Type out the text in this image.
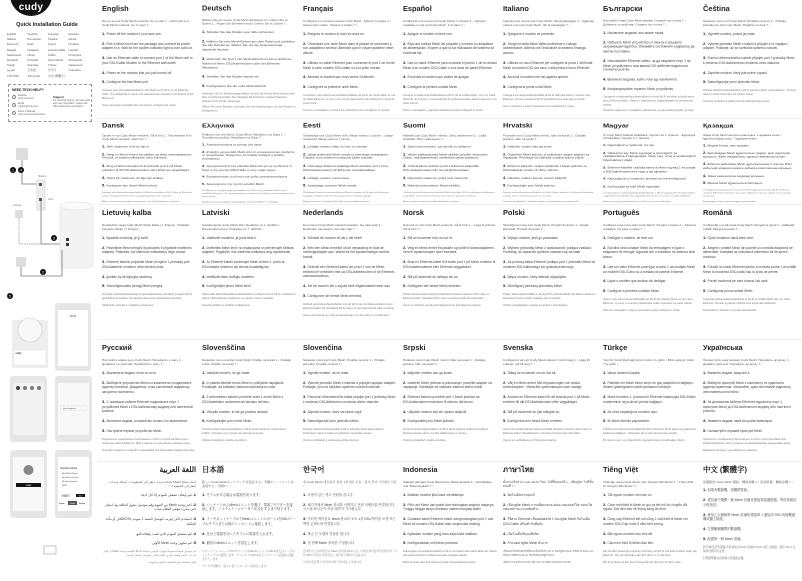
cudy
Quick Installation Guide
English	Deutsch	Français	Español
Italiano	Български	Čeština	Dansk
Ελληνικά	Eesti	Suomi	Hrvatski
Magyar	Қазақша	Lietuvių kalba	Latviski
Nederlands	Norsk	Polski	Português
Română	Русский	Slovenščina	Slovenčina
Srpski	Svenska	Türkçe	Українська
العربية	日本語	한국어	Indonesia
ภาษาไทย	Tiếng Việt	中文 (繁體字)
NEED TECH HELP?
Website
www.cudy.com
Email
support@cudy.com
Driver & Manual
www.cudy.com/download
Support
For technical support, the user guide and more information, please visit https://www.cudy.com/support
1 4
Modem
LAN
Internet
3
2
5
cudy
Wi-Fi
http://cudy.net/
Login
Operation Mode
Mesh Wi-Fi Router
Mesh Access Point
Wireless Extender
WISP
Back	Next
System	Wizard Settings
English

Set up a new Cudy Mesh network: Go to step 1 ↓ Add units to a Cudy Mesh network: Go to step 7 ↓

1. Power off the modem if you have one.
2. Pick a Mesh unit from the package and connect its power adapter to it. Wait for the system indicator light to turn solid on.
3. Use an Ethernet cable to connect port 1 of the Mesh unit to your DSL/Cable Modem or the Ethernet wall outlet.
4. Power on the modem that you just turned off.
5. Configure the first Mesh unit.

Connect your phone/laptop/tablet to the Mesh unit's Wi-Fi or an Ethernet cable. The default Wi-Fi name and password are printed on the bottom of the Mesh unit.

Open a browser and follow the prompts to configure the router.

Deutsch

Richten Sie ein neues Cudy-Mesh-Netzwerk ein: Gehen Sie zu Schritt 1 ↓ Fügen Sie Einheiten hinzu: Gehen Sie zu Schritt 7 ↓

1. Schalten Sie das Modem aus, falls vorhanden.
2. Wählen Sie eine Mesh-Einheit aus dem Paket und schließen Sie das Netzteil an. Warten Sie, bis die Systemanzeige dauerhaft leuchtet.
3. Verbinden Sie Port 1 der Mesh-Einheit mit einem Ethernet-Kabel mit Ihrem DSL/Kabelmodem oder der Ethernet-Wanddose.
4. Schalten Sie das Modem wieder ein.
5. Konfigurieren Sie die erste Mesh-Einheit.

Verbinden Sie Ihr Telefon/Laptop/Tablet mit dem WLAN der Mesh-Einheit oder über ein Ethernet-Kabel. Der Standard-WLAN-Name und das Passwort befinden sich auf der Unterseite.

Öffnen Sie einen Browser und folgen Sie den Anweisungen, um den Router zu konfigurieren.

Français

Configurer un nouveau réseau Cudy Mesh : Passez à l'étape 1 ↓ Ajouter des unités : Passez à l'étape 7 ↓

1. Éteignez le modem si vous en avez un.
2. Choisissez une unité Mesh dans le paquet et connectez-y son adaptateur secteur. Attendez que le voyant système reste allumé.
3. Utilisez un câble Ethernet pour connecter le port 1 de l'unité Mesh à votre modem DSL/câble ou à la prise murale.
4. Allumez le modem que vous venez d'éteindre.
5. Configurez la première unité Mesh.

Connectez votre téléphone/ordinateur/tablette au Wi-Fi de l'unité Mesh ou via un câble Ethernet. Le nom et le mot de passe Wi-Fi par défaut sont imprimés sous l'unité.

Ouvrez un navigateur et suivez les instructions pour configurer le routeur.

Español

Configurar una nueva red Cudy Mesh: Ir al paso 1 ↓ Agregar unidades a una red Cudy Mesh: Ir al paso 7 ↓

1. Apague el módem si tiene uno.
2. Elija una unidad Mesh del paquete y conecte su adaptador de alimentación. Espere a que la luz indicadora del sistema se encienda fija.
3. Use un cable Ethernet para conectar el puerto 1 de la unidad Mesh a su módem DSL/Cable o a la toma de pared Ethernet.
4. Encienda el módem que acaba de apagar.
5. Configure la primera unidad Mesh.

Conecte su teléfono/portátil/tableta al Wi-Fi de la unidad Mesh o con un cable Ethernet. El nombre y contraseña Wi-Fi predeterminados están impresos en la parte inferior.

Abra un navegador y siga las indicaciones para configurar el router.

Italiano

Imposta una nuova rete Cudy Mesh: Vai al passaggio 1 ↓ Aggiungi unità a una rete Cudy Mesh: Vai al passaggio 7 ↓

1. Spegnere il modem se presente.
2. Scegli un'unità Mesh dalla confezione e collega l'alimentatore. Attendi che l'indicatore di sistema rimanga acceso.
3. Utilizza un cavo Ethernet per collegare la porta 1 dell'unità Mesh al modem DSL/via cavo o alla presa a muro Ethernet.
4. Accendi il modem che hai appena spento.
5. Configura la prima unità Mesh.

Collega il tuo telefono/laptop/tablet al Wi-Fi dell'unità Mesh o tramite cavo Ethernet. Nome e password Wi-Fi predefiniti sono stampati sul fondo.

Apri un browser e segui le istruzioni per configurare il router.

Български

Настройте нова Cudy Mesh мрежа: Отидете на стъпка 1 ↓ Добавете устройства: Отидете на стъпка 7 ↓

1. Изключете модема, ако имате такъв.
2. Изберете Mesh устройство от пакета и свържете захранващия адаптер. Изчакайте системният индикатор да светне постоянно.
3. Използвайте Ethernet кабел, за да свържете порт 1 на Mesh устройството към вашия DSL/кабелен модем или стенната розетка.
4. Включете модема, който току-що изключихте.
5. Конфигурирайте първото Mesh устройство.

Свържете телефона/лаптопа/таблета си към Wi-Fi на Mesh устройството или с Ethernet кабел. Името и паролата по подразбиране са отпечатани отдолу.

Отворете браузър и следвайте указанията, за да конфигурирате рутера.

Čeština

Nastavte novou síť Cudy Mesh: Přejděte na krok 1 ↓ Přidejte jednotky do sítě Cudy Mesh: Přejděte na krok 7 ↓

1. Vypněte modem, pokud jej máte.
2. Vyberte jednotku Mesh z balení a připojte k ní napájecí adaptér. Počkejte, až se kontrolka systému rozsvítí.
3. Pomocí ethernetového kabelu připojte port 1 jednotky Mesh k modemu DSL/kabelovému modemu nebo zásuvce.
4. Zapněte modem, který jste právě vypnuli.
5. Nakonfigurujte první jednotku Mesh.

Připojte telefon/notebook/tablet k Wi-Fi jednotky Mesh nebo kabelem. Výchozí název a heslo Wi-Fi jsou na spodní straně.

Otevřete prohlížeč a podle pokynů nakonfigurujte router.

Dansk

Opsæt et nyt Cudy Mesh-netværk: Gå til trin 1 ↓ Føj enheder til et Cudy Mesh-netværk: Gå til trin 7 ↓

1. Sluk modemet, hvis du har et.
2. Vælg en Mesh-enhed fra pakken og tilslut strømadapteren. Vent på, at systemindikatoren lyser konstant.
3. Brug et Ethernet-kabel til at forbinde port 1 på Mesh-enheden til dit DSL/kabelmodem eller Ethernet-vægudtaget.
4. Tænd for modemet, du lige har slukket.
5. Konfigurer den første Mesh-enhed.

Forbind din telefon/bærbare/tablet til Mesh-enhedens Wi-Fi eller et Ethernet-kabel. Standard Wi-Fi-navn og adgangskode står i bunden.

Åbn en browser og følg anvisningerne for at konfigurere routeren.

Ελληνικά

Ρυθμίστε ένα νέο δίκτυο Cudy Mesh: Μεταβείτε στο βήμα 1 ↓ Προσθέστε μονάδες: Μεταβείτε στο βήμα 7 ↓

1. Απενεργοποιήστε το μόντεμ εάν έχετε.
2. Επιλέξτε μια μονάδα Mesh από τη συσκευασία και συνδέστε το τροφοδοτικό. Περιμένετε να ανάψει σταθερά η ένδειξη συστήματος.
3. Χρησιμοποιήστε ένα καλώδιο Ethernet για να συνδέσετε τη θύρα 1 στο μόντεμ DSL/Cable ή στην πρίζα τοίχου.
4. Ενεργοποιήστε το μόντεμ που μόλις απενεργοποιήσατε.
5. Διαμορφώστε την πρώτη μονάδα Mesh.

Συνδέστε το τηλέφωνο/φορητό/tablet στο Wi-Fi της μονάδας Mesh ή με καλώδιο Ethernet. Το προεπιλεγμένο όνομα και ο κωδικός είναι τυπωμένα στο κάτω μέρος.

Ανοίξτε ένα πρόγραμμα περιήγησης και ακολουθήστε τις οδηγίες.

Eesti

Seadistage uus Cudy Mesh võrk: Minge sammu 1 juurde ↓ Lisage seadmeid: Minge sammu 7 juurde ↓

1. Lülitage modem välja, kui see on olemas.
2. Valige pakendist Mesh-seade ja ühendage toiteadapter. Oodake, kuni süsteemi märgutuli põleb püsivalt.
3. Ühendage Ethernet-kaabliga Mesh-seadme port 1 oma DSL/kaabelmodemi või Etherneti seinakontaktiga.
4. Lülitage modem uuesti sisse.
5. Seadistage esimene Mesh-seade.

Ühendage telefon/sülearvuti/tahvel Mesh-seadme Wi-Fi-ga või Ethernet-kaabliga. Vaikimisi Wi-Fi nimi ja parool on seadme põhjal.

Avage brauser ja järgige juhiseid ruuteri seadistamiseks.

Suomi

Määritä uusi Cudy Mesh -verkko: Siirry vaiheeseen 1 ↓ Lisää yksiköitä: Siirry vaiheeseen 7 ↓

1. Sammuta modeemi, jos sinulla on sellainen.
2. Valitse pakkauksesta Mesh-yksikkö ja kytke virtasovitin. Odota, että järjestelmän merkkivalo palaa tasaisesti.
3. Yhdistä Mesh-yksikön portti 1 Ethernet-kaapelilla DSL-/kaapelimodeemiin tai seinäpistorasiaan.
4. Käynnistä modeemi, jonka juuri sammutit.
5. Määritä ensimmäinen Mesh-yksikkö.

Yhdistä puhelin/kannettava/tabletti Mesh-yksikön Wi-Fi-verkkoon tai Ethernet-kaapelilla. Oletusverkon nimi ja salasana on painettu pohjaan.

Avaa selain ja määritä reititin ohjeiden mukaan.

Hrvatski

Postavite novu Cudy Mesh mrežu: Idite na korak 1 ↓ Dodajte jedinice: Idite na korak 7 ↓

1. Isključite modem ako ga imate.
2. Odaberite Mesh jedinicu iz pakiranja i spojite adapter za napajanje. Pričekajte da indikator sustava stalno svijetli.
3. Ethernet kabelom spojite priključak 1 Mesh jedinice na DSL/kabelski modem ili zidnu utičnicu.
4. Uključite modem koji ste upravo isključili.
5. Konfigurirajte prvu Mesh jedinicu.

Spojite telefon/prijenosnik/tablet na Wi-Fi Mesh jedinice ili Ethernet kabelom. Zadani naziv i lozinka ispisani su na dnu.

Otvorite preglednik i slijedite upute za konfiguraciju usmjerivača.

Magyar

Új Cudy Mesh hálózat beállítása: Ugorjon az 1. lépésre ↓ Egységek hozzáadása: Ugorjon a 7. lépésre ↓

1. Kapcsolja ki a modemet, ha van.
2. Válasszon egy Mesh egységet a csomagból, és csatlakoztassa a tápegységet. Várja meg, amíg a rendszerjelző folyamatosan világít.
3. Ethernet-kábellel csatlakoztassa a Mesh egység 1-es portját a DSL/kábelmodemhez vagy a fali aljzathoz.
4. Kapcsolja be a modemet, amelyet az imént kikapcsolt.
5. Konfigurálja az első Mesh egységet.

Csatlakoztassa telefonját/laptopját/tabletjét a Mesh egység Wi-Fi hálózatához vagy Ethernet-kábellel. Az alapértelmezett név és jelszó az alján található.

Nyisson meg egy böngészőt, és kövesse az utasításokat.

Қазақша

Жаңа Cudy Mesh желісін орнатыңыз: 1-қадамға өтіңіз ↓ Құрылғыларды қосу: 7-қадамға өтіңіз ↓

1. Модем болса, оны өшіріңіз.
2. Қаптамадан Mesh құрылғысын таңдап, қуат адаптерін қосыңыз. Жүйе индикаторы тұрақты жанғанша күтіңіз.
3. Ethernet кабелімен Mesh құрылғысының 1-портын DSL/кабельдік модемге немесе қабырға розеткасына қосыңыз.
4. Жаңа ғана өшірген модемді қосыңыз.
5. Бірінші Mesh құрылғысын баптаңыз.

Телефонды/ноутбукты/планшетті Mesh құрылғысының Wi-Fi желісіне немесе Ethernet кабеліне қосыңыз. Әдепкі атау мен құпия сөз астында басылған.

Браузерді ашып, нұсқауларды орындаңыз.

Lietuvių kalba

Nustatykite naują Cudy Mesh tinklą: Eikite į 1 žingsnį ↓ Pridėkite įrenginių: Eikite į 7 žingsnį ↓

1. Išjunkite modemą, jei jį turite.
2. Pasirinkite Mesh įrenginį iš pakuotės ir prijunkite maitinimo adapterį. Palaukite, kol sistemos indikatorius degs nuolat.
3. Ethernet kabeliu prijunkite Mesh įrenginio 1 prievadą prie DSL/kabelinio modemo arba sieninio lizdo.
4. Įjunkite ką tik išjungtą modemą.
5. Sukonfigūruokite pirmąjį Mesh įrenginį.

Prijunkite telefoną/nešiojamąjį kompiuterį/planšetę prie Mesh įrenginio Wi-Fi arba Ethernet kabeliu. Numatytieji duomenys atspausdinti apačioje.

Atidarykite naršyklę ir vykdykite nurodymus.

Latviski

Iestatiet jaunu Cudy Mesh tīklu: Dodieties uz 1. darbību ↓ Pievienojiet ierīces: Dodieties uz 7. darbību ↓

1. Izslēdziet modemu, ja jums tāds ir.
2. Izvēlieties Mesh ierīci no iepakojuma un pievienojiet strāvas adapteri. Pagaidiet, līdz sistēmas indikators deg nepārtraukti.
3. Ar Ethernet kabeli savienojiet Mesh ierīces 1. portu ar DSL/kabeļa modemu vai sienas kontaktligzdu.
4. Ieslēdziet tikko izslēgto modemu.
5. Konfigurējiet pirmo Mesh ierīci.

Savienojiet tālruni/klēpjdatoru/planšetdatoru ar Mesh ierīces Wi-Fi vai Ethernet kabeli. Noklusējuma nosaukums un parole ir ierīces apakšā.

Atveriet pārlūku un izpildiet norādījumus.

Nederlands

Een nieuw Cudy Mesh-netwerk instellen: Ga naar stap 1 ↓ Eenheden toevoegen: Ga naar stap 7 ↓

1. Schakel de modem uit als u die heeft.
2. Kies een Mesh-eenheid uit de verpakking en sluit de voedingsadapter aan. Wacht tot het systeemlampje continu brandt.
3. Gebruik een Ethernet-kabel om poort 1 van de Mesh-eenheid te verbinden met uw DSL/kabelmodem of de Ethernet-wandcontactdoos.
4. Zet de modem die u zojuist hebt uitgeschakeld weer aan.
5. Configureer de eerste Mesh-eenheid.

Verbind uw telefoon/laptop/tablet met de Wi-Fi van de Mesh-eenheid of een Ethernet-kabel. De standaard Wi-Fi-naam en het wachtwoord staan onderop.

Open een browser en volg de aanwijzingen om de router te configureren.

Norsk

Sett opp et nytt Cudy Mesh-nettverk: Gå til trinn 1 ↓ Legg til enheter: Gå til trinn 7 ↓

1. Slå av modemet hvis du har et.
2. Velg en Mesh-enhet fra pakken og koble til strømadapteren. Vent til systemlampen lyser konstant.
3. Bruk en Ethernet-kabel til å koble port 1 på Mesh-enheten til DSL/kabelmodemet eller Ethernet-vegguttaket.
4. Slå på modemet du nettopp slo av.
5. Konfigurer den første Mesh-enheten.

Koble telefonen/den bærbare/nettbrettet til Mesh-enhetens Wi-Fi eller en Ethernet-kabel. Standard Wi-Fi-navn og passord står på undersiden.

Åpne en nettleser og følg instruksjonene for å konfigurere ruteren.

Polski

Skonfiguruj nową sieć Cudy Mesh: Przejdź do kroku 1 ↓ Dodaj jednostki: Przejdź do kroku 7 ↓

1. Wyłącz modem, jeśli go posiadasz.
2. Wybierz jednostkę Mesh z opakowania i podłącz zasilacz. Poczekaj, aż wskaźnik systemu zaświeci się na stałe.
3. Za pomocą kabla Ethernet podłącz port 1 jednostki Mesh do modemu DSL/kablowego lub gniazda ściennego.
4. Włącz modem, który właśnie wyłączyłeś.
5. Skonfiguruj pierwszą jednostkę Mesh.

Połącz telefon/laptop/tablet z siecią Wi-Fi jednostki Mesh lub kablem Ethernet. Domyślna nazwa i hasło znajdują się na spodzie.

Otwórz przeglądarkę i postępuj zgodnie z instrukcjami.

Português

Configure uma nova rede Cudy Mesh: Vá para o passo 1 ↓ Adicione unidades: Vá para o passo 7 ↓

1. Desligue o modem, se tiver um.
2. Escolha uma unidade Mesh da embalagem e ligue o adaptador de energia. Aguarde até o indicador do sistema ficar aceso.
3. Use um cabo Ethernet para ligar a porta 1 da unidade Mesh ao modem DSL/Cabo ou à tomada de parede Ethernet.
4. Ligue o modem que acabou de desligar.
5. Configure a primeira unidade Mesh.

Ligue o seu telemóvel/portátil/tablet ao Wi-Fi da unidade Mesh ou por cabo Ethernet. O nome e a senha predefinidos estão impressos na parte inferior.

Abra um navegador e siga as instruções para configurar o router.

Română

Configurați o nouă rețea Cudy Mesh: Mergeți la pasul 1 ↓ Adăugați unități: Mergeți la pasul 7 ↓

1. Opriți modemul dacă aveți unul.
2. Alegeți o unitate Mesh din pachet și conectați adaptorul de alimentare. Așteptați ca indicatorul sistemului să fie aprins continuu.
3. Folosiți un cablu Ethernet pentru a conecta portul 1 al unității Mesh la modemul DSL/cablu sau la priza de perete.
4. Porniți modemul pe care tocmai l-ați oprit.
5. Configurați prima unitate Mesh.

Conectați telefonul/laptopul/tableta la Wi-Fi-ul unității Mesh sau prin cablu Ethernet. Numele și parola implicite sunt imprimate dedesubt.

Deschideți un browser și urmați instrucțiunile.

Русский

Настройте новую сеть Cudy Mesh: Перейдите к шагу 1 ↓ Добавьте устройства: Перейдите к шагу 7 ↓

1. Выключите модем, если он есть.
2. Выберите устройство Mesh из комплекта и подключите адаптер питания. Дождитесь, пока системный индикатор загорится постоянно.
3. С помощью кабеля Ethernet подключите порт 1 устройства Mesh к DSL/кабельному модему или настенной розетке.
4. Включите модем, который вы только что выключили.
5. Настройте первое устройство Mesh.

Подключите телефон/ноутбук/планшет к Wi-Fi устройства Mesh или с помощью кабеля Ethernet. Имя и пароль по умолчанию указаны снизу.

Откройте браузер и следуйте подсказкам для настройки маршрутизатора.

Slovenščina

Nastavite novo omrežje Cudy Mesh: Pojdite na korak 1 ↓ Dodajte enote: Pojdite na korak 7 ↓

1. Izklopite modem, če ga imate.
2. Iz paketa izberite enoto Mesh in priključite napajalnik. Počakajte, da indikator sistema neprekinjeno sveti.
3. Z ethernetnim kablom povežite vrata 1 enote Mesh z DSL/kabelskim modemom ali stensko vtičnico.
4. Vklopite modem, ki ste ga pravkar izklopili.
5. Konfigurirajte prvo enoto Mesh.

Povežite telefon/prenosnik/tablico z Wi-Fi enote Mesh ali z ethernetnim kablom. Privzeto ime in geslo sta natisnjena na dnu.

Odprite brskalnik in sledite navodilom.

Slovenčina

Nastavte novú sieť Cudy Mesh: Prejdite na krok 1 ↓ Pridajte jednotky: Prejdite na krok 7 ↓

1. Vypnite modem, ak ho máte.
2. Vyberte jednotku Mesh z balenia a pripojte napájací adaptér. Počkajte, kým sa indikátor systému rozsvieti natrvalo.
3. Pomocou ethernetového kábla pripojte port 1 jednotky Mesh k modemu DSL/káblovému modemu alebo zásuvke.
4. Zapnite modem, ktorý ste práve vypli.
5. Nakonfigurujte prvú jednotku Mesh.

Pripojte telefón/notebook/tablet k Wi-Fi jednotky Mesh alebo káblom. Predvolený názov a heslo sú vytlačené na spodnej strane.

Otvorte prehliadač a postupujte podľa pokynov.

Srpski

Podesite novu Cudy Mesh mrežu: Idite na korak 1 ↓ Dodajte jedinice: Idite na korak 7 ↓

1. Isključite modem ako ga imate.
2. Izaberite Mesh jedinicu iz pakovanja i povežite adapter za napajanje. Sačekajte da indikator sistema stalno svetli.
3. Ethernet kablom povežite port 1 Mesh jedinice sa DSL/kablovskim modemom ili zidnom utičnicom.
4. Uključite modem koji ste upravo isključili.
5. Konfigurišite prvu Mesh jedinicu.

Povežite telefon/laptop/tablet na Wi-Fi Mesh jedinice ili Ethernet kablom. Podrazumevani naziv i lozinka odštampani su na dnu.

Otvorite pregledač i pratite uputstva.

Svenska

Konfigurera ett nytt Cudy Mesh-nätverk: Gå till steg 1 ↓ Lägg till enheter: Gå till steg 7 ↓

1. Stäng av modemet om du har ett.
2. Välj en Mesh-enhet från förpackningen och anslut strömadaptern. Vänta tills systemlampan lyser stadigt.
3. Använd en Ethernet-kabel för att ansluta port 1 på Mesh-enheten till ditt DSL/kabelmodem eller vägguttaget.
4. Slå på modemet du just stängde av.
5. Konfigurera den första Mesh-enheten.

Anslut din telefon/bärbara dator/surfplatta till Mesh-enhetens Wi-Fi eller en Ethernet-kabel. Standardnamn och lösenord finns på undersidan.

Öppna en webbläsare och följ anvisningarna.

Türkçe

Yeni bir Cudy Mesh ağı kurun: Adım 1'e gidin ↓ Birim ekleyin: Adım 7'ye gidin ↓

1. Varsa modemi kapatın.
2. Paketten bir Mesh birimi seçin ve güç adaptörünü bağlayın. Sistem göstergesinin sabit yanmasını bekleyin.
3. Mesh biriminin 1. portunu bir Ethernet kablosuyla DSL/Kablo modeminize veya duvar prizine bağlayın.
4. Az önce kapattığınız modemi açın.
5. İlk Mesh birimini yapılandırın.

Telefonunuzu/dizüstünüzü/tabletinizi Mesh biriminin Wi-Fi ağına veya Ethernet kablosuna bağlayın. Varsayılan ad ve şifre alt kısımda yazılıdır.

Bir tarayıcı açın ve yönlendiriciyi yapılandırmak için talimatları izleyin.

Українська

Налаштуйте нову мережу Cudy Mesh: Перейдіть до кроку 1 ↓ Додайте пристрої: Перейдіть до кроку 7 ↓

1. Вимкніть модем, якщо він є.
2. Виберіть пристрій Mesh з комплекту та підключіть адаптер живлення. Зачекайте, доки системний індикатор світитиметься постійно.
3. За допомогою кабелю Ethernet підключіть порт 1 пристрою Mesh до DSL/кабельного модему або настінної розетки.
4. Увімкніть модем, який ви щойно вимкнули.
5. Налаштуйте перший пристрій Mesh.

Підключіть телефон/ноутбук/планшет до Wi-Fi пристрою Mesh або кабелем Ethernet. Ім'я та пароль за замовчуванням надруковані знизу.

Відкрийте браузер і дотримуйтесь підказок.

اللغة العربية

إعداد شبكة Cudy Mesh جديدة: انتقل إلى الخطوة 1 ↓ إضافة وحدات: انتقل إلى الخطوة 7 ↓

1. قم بإيقاف تشغيل المودم إذا كان لديك.
2. اختر وحدة Mesh من العبوة وقم بتوصيل محول الطاقة بها. انتظر حتى يضيء مؤشر النظام بثبات.
3. استخدم كابل إيثرنت لتوصيل المنفذ 1 بمودم DSL/الكابل أو مأخذ الحائط.
4. قم بتشغيل المودم الذي قمت بإيقافه للتو.
5. قم بتكوين وحدة Mesh الأولى.

قم بتوصيل هاتفك/حاسوبك/جهازك اللوحي بشبكة Wi-Fi الخاصة بوحدة Mesh أو بكابل إيثرنت. الاسم وكلمة المرور الافتراضيان مطبوعان أسفل الوحدة.

افتح متصفحًا واتبع التعليمات لتكوين الموجه.

日本語

新しいCudy Meshネットワークを設定する：手順1へ ↓ ユニットを追加する：手順7へ ↓

1. モデムがある場合は電源を切ります。
2. パッケージからMeshユニットを選び、電源アダプターを接続します。システムインジケーターが点灯するまで待ちます。
3. イーサネットケーブルでMeshユニットのポート1をDSL/ケーブルモデムまたは壁のコンセントに接続します。
4. 先ほど電源を切ったモデムの電源を入れます。
5. 最初のMeshユニットを設定します。

スマートフォン/ノートPC/タブレットをMeshユニットのWi-Fiまたはイーサネットケーブルに接続します。デフォルトのWi-Fi名とパスワードは底面に記載されています。

ブラウザを開き、指示に従ってルーターを設定します。

한국어

새 Cudy Mesh 네트워크 설정: 1단계로 이동 ↓ 장치 추가: 7단계로 이동 ↓

1. 모뎀이 있는 경우 전원을 끕니다.
2. 패키지에서 Mesh 장치를 선택하고 전원 어댑터를 연결합니다. 시스템 표시등이 켜질 때까지 기다립니다.
3. 이더넷 케이블로 Mesh 장치의 포트 1을 DSL/케이블 모뎀 또는 벽면 콘센트에 연결합니다.
4. 방금 끈 모뎀의 전원을 켭니다.
5. 첫 번째 Mesh 장치를 구성합니다.

휴대폰/노트북/태블릿을 Mesh 장치의 Wi-Fi 또는 이더넷 케이블에 연결합니다. 기본 Wi-Fi 이름과 비밀번호는 하단에 인쇄되어 있습니다.

브라우저를 열고 안내에 따라 라우터를 구성합니다.

Indonesia

Siapkan jaringan Cudy Mesh baru: Buka langkah 1 ↓ Tambahkan unit: Buka langkah 7 ↓

1. Matikan modem jika Anda memilikinya.
2. Pilih unit Mesh dari paket dan hubungkan adaptor dayanya. Tunggu hingga lampu indikator sistem menyala stabil.
3. Gunakan kabel Ethernet untuk menghubungkan port 1 unit Mesh ke modem DSL/Kabel atau stopkontak dinding.
4. Nyalakan modem yang baru saja Anda matikan.
5. Konfigurasikan unit Mesh pertama.

Hubungkan ponsel/laptop/tablet ke Wi-Fi unit Mesh atau kabel Ethernet. Nama dan kata sandi Wi-Fi default tercetak di bagian bawah.

Buka browser dan ikuti petunjuk untuk mengonfigurasi router.

ภาษาไทย

ตั้งค่าเครือข่าย Cudy Mesh ใหม่: ไปที่ขั้นตอนที่ 1 ↓ เพิ่มยูนิต: ไปที่ขั้นตอนที่ 7 ↓

1. ปิดโมเด็มหากคุณมี
2. เลือกยูนิต Mesh จากแพ็คเกจและต่ออะแดปเตอร์ไฟ รอจนไฟแสดงสถานะระบบติดค้าง
3. ใช้สาย Ethernet เชื่อมต่อพอร์ต 1 ของยูนิต Mesh กับโมเด็ม DSL/Cable หรือเต้ารับที่ผนัง
4. เปิดโมเด็มที่คุณเพิ่งปิด
5. กำหนดค่ายูนิต Mesh ตัวแรก

เชื่อมต่อโทรศัพท์/แล็ปท็อป/แท็บเล็ตกับ Wi-Fi ของยูนิต Mesh หรือสาย Ethernet ชื่อและรหัสผ่าน Wi-Fi เริ่มต้นพิมพ์อยู่ด้านล่าง

เปิดเบราว์เซอร์และทำตามคำแนะนำเพื่อกำหนดค่าเราเตอร์

Tiếng Việt

Thiết lập mạng Cudy Mesh mới: Chuyển đến Bước 1 ↓ Thêm thiết bị: Chuyển đến Bước 7 ↓

1. Tắt nguồn modem nếu bạn có.
2. Chọn một thiết bị Mesh từ gói và kết nối bộ chuyển đổi nguồn. Đợi đèn báo hệ thống sáng ổn định.
3. Dùng cáp Ethernet kết nối cổng 1 của thiết bị Mesh với modem DSL/Cáp hoặc ổ cắm trên tường.
4. Bật nguồn modem bạn vừa tắt.
5. Cấu hình thiết bị Mesh đầu tiên.

Kết nối điện thoại/máy tính/máy tính bảng với Wi-Fi của thiết bị Mesh hoặc cáp Ethernet. Tên và mật khẩu mặc định được in ở mặt dưới.

Mở trình duyệt và làm theo hướng dẫn để cấu hình bộ định tuyến.

中文 (繁體字)

設置新的 Cudy Mesh 網絡：轉到步驟 1 ↓ 添加設備：轉到步驟 7 ↓

1. 如果有數據機，請關閉電源。
2. 從包裝中選擇一個 Mesh 設備並連接電源適配器。等待系統指示燈恆亮。
3. 使用乙太網線將 Mesh 設備的連接埠 1 連接到 DSL/有線數據機或牆上插座。
4. 打開剛剛關閉的數據機。
5. 配置第一個 Mesh 設備。

將手機/筆記型電腦/平板連接到 Mesh 設備的 Wi-Fi 或乙太網線。預設 Wi-Fi 名稱和密碼印在底部。

打開瀏覽器並按照提示配置路由器。
